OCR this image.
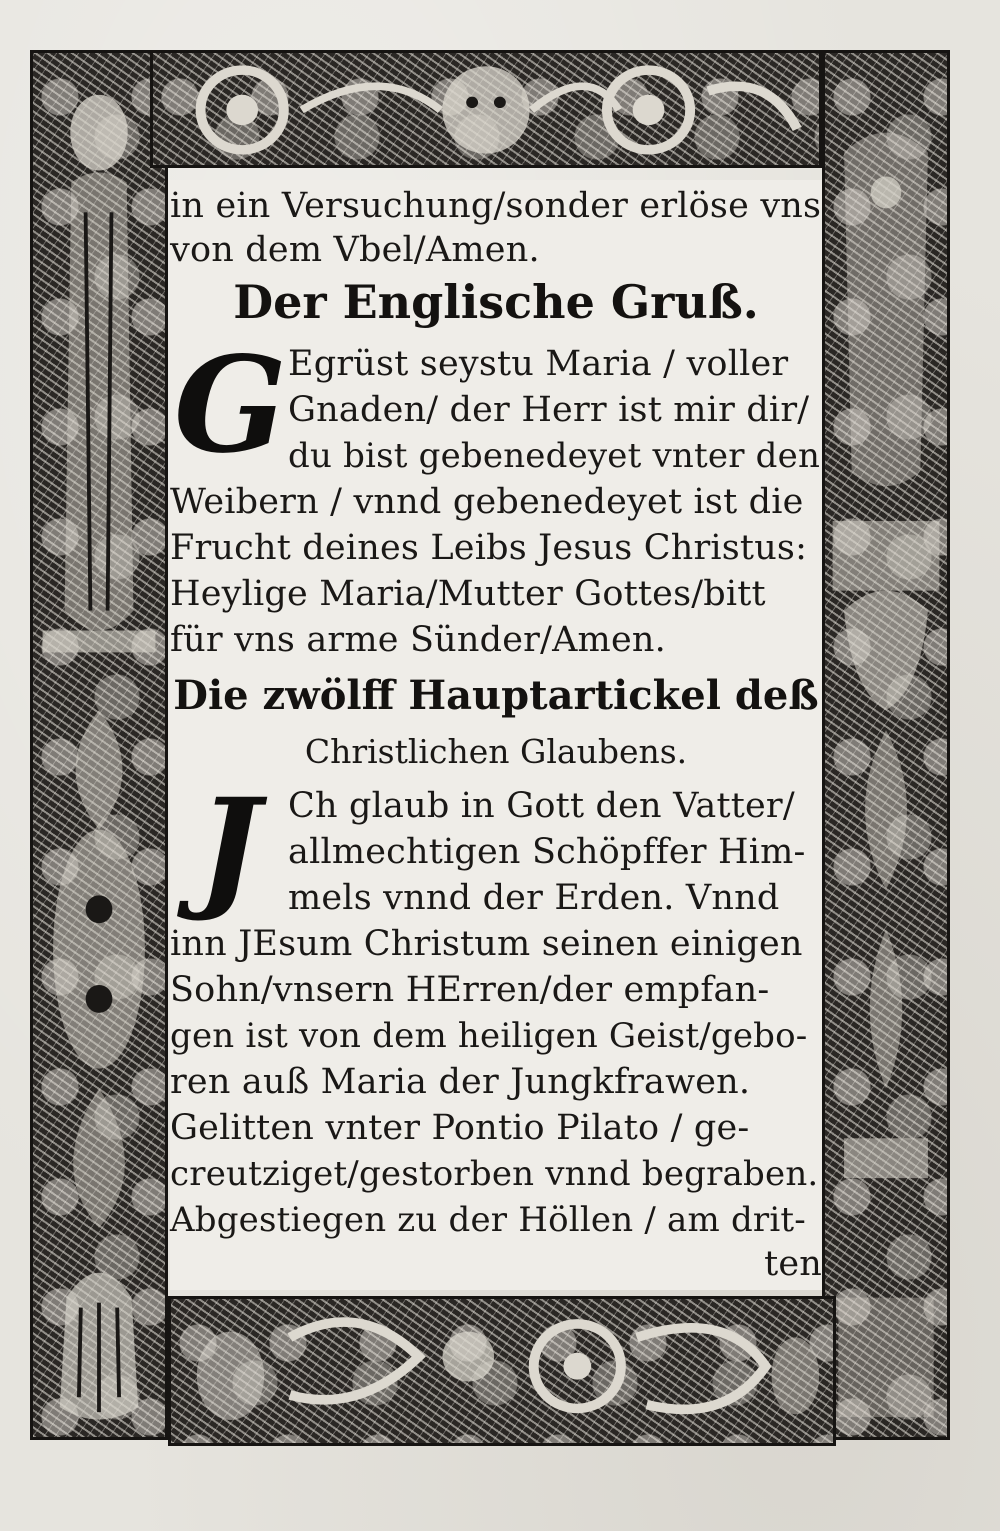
in ein Versuchung/sonder erlöse vns
von dem Vbel/Amen.
Der Englische Gruß.
G Egrüst seystu Maria / voller
Gnaden/ der Herr ist mir dir/
du bist gebenedeyet vnter den
Weibern / vnnd gebenedeyet ist die
Frucht deines Leibs Jesus Christus:
Heylige Maria/Mutter Gottes/bitt
für vns arme Sünder/Amen.
Die zwölff Hauptartickel deß
Christlichen Glaubens.
J Ch glaub in Gott den Vatter/
allmechtigen Schöpffer Him-
mels vnnd der Erden. Vnnd
inn JEsum Christum seinen einigen
Sohn/vnsern HErren/der empfan-
gen ist von dem heiligen Geist/gebo-
ren auß Maria der Jungkfrawen.
Gelitten vnter Pontio Pilato / ge-
creutziget/gestorben vnnd begraben.
Abgestiegen zu der Höllen / am drit-
ten
